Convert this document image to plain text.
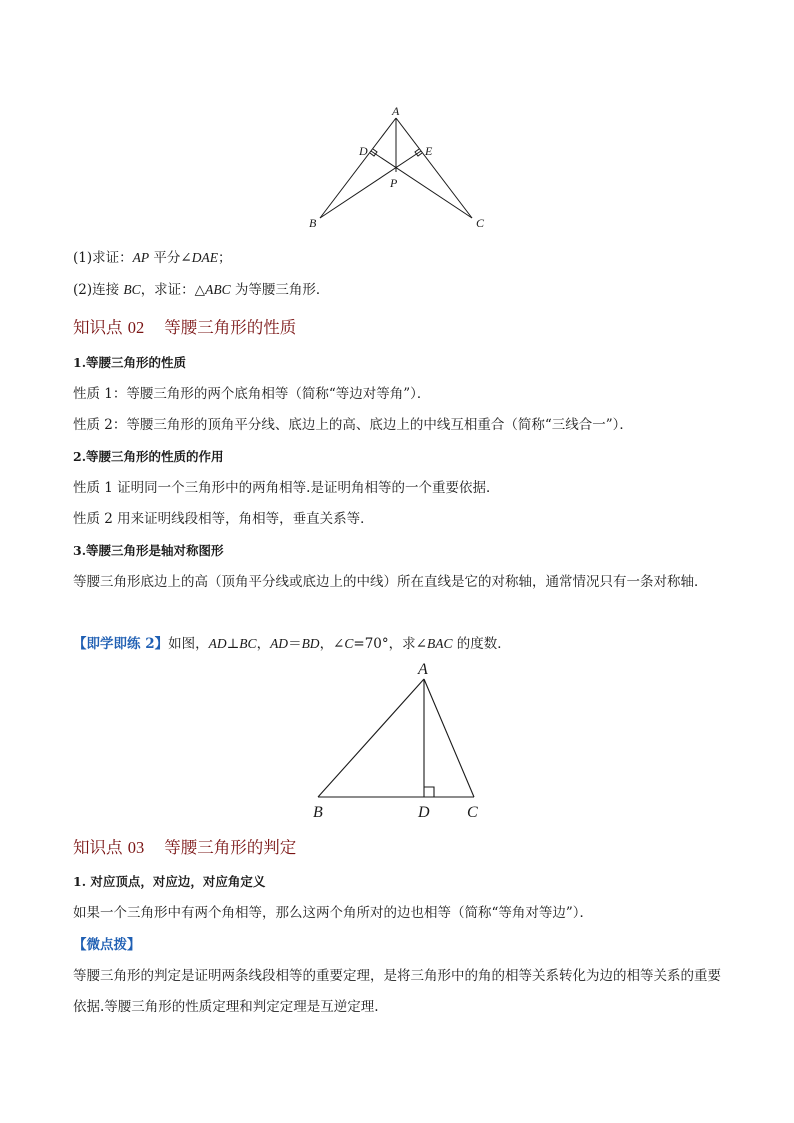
A
B	C
D	E
P
(1)求证：AP 平分∠DAE；
(2)连接 BC，求证：△ABC 为等腰三角形．
知识点 02 等腰三角形的性质
1.等腰三角形的性质
性质 1：等腰三角形的两个底角相等（简称“等边对等角”）．
性质 2：等腰三角形的顶角平分线、底边上的高、底边上的中线互相重合（简称“三线合一”）．
2.等腰三角形的性质的作用
性质 1 证明同一个三角形中的两角相等.是证明角相等的一个重要依据．
性质 2 用来证明线段相等，角相等，垂直关系等．
3.等腰三角形是轴对称图形
等腰三角形底边上的高（顶角平分线或底边上的中线）所在直线是它的对称轴，通常情况只有一条对称轴．
【即学即练 2】如图，AD⊥BC，AD＝BD，∠C=70°，求∠BAC 的度数．
A
B	D C
知识点 03 等腰三角形的判定
1. 对应顶点，对应边，对应角定义
如果一个三角形中有两个角相等，那么这两个角所对的边也相等（简称“等角对等边”）．
【微点拨】
等腰三角形的判定是证明两条线段相等的重要定理，是将三角形中的角的相等关系转化为边的相等关系的重要依据.等腰三角形的性质定理和判定定理是互逆定理.
